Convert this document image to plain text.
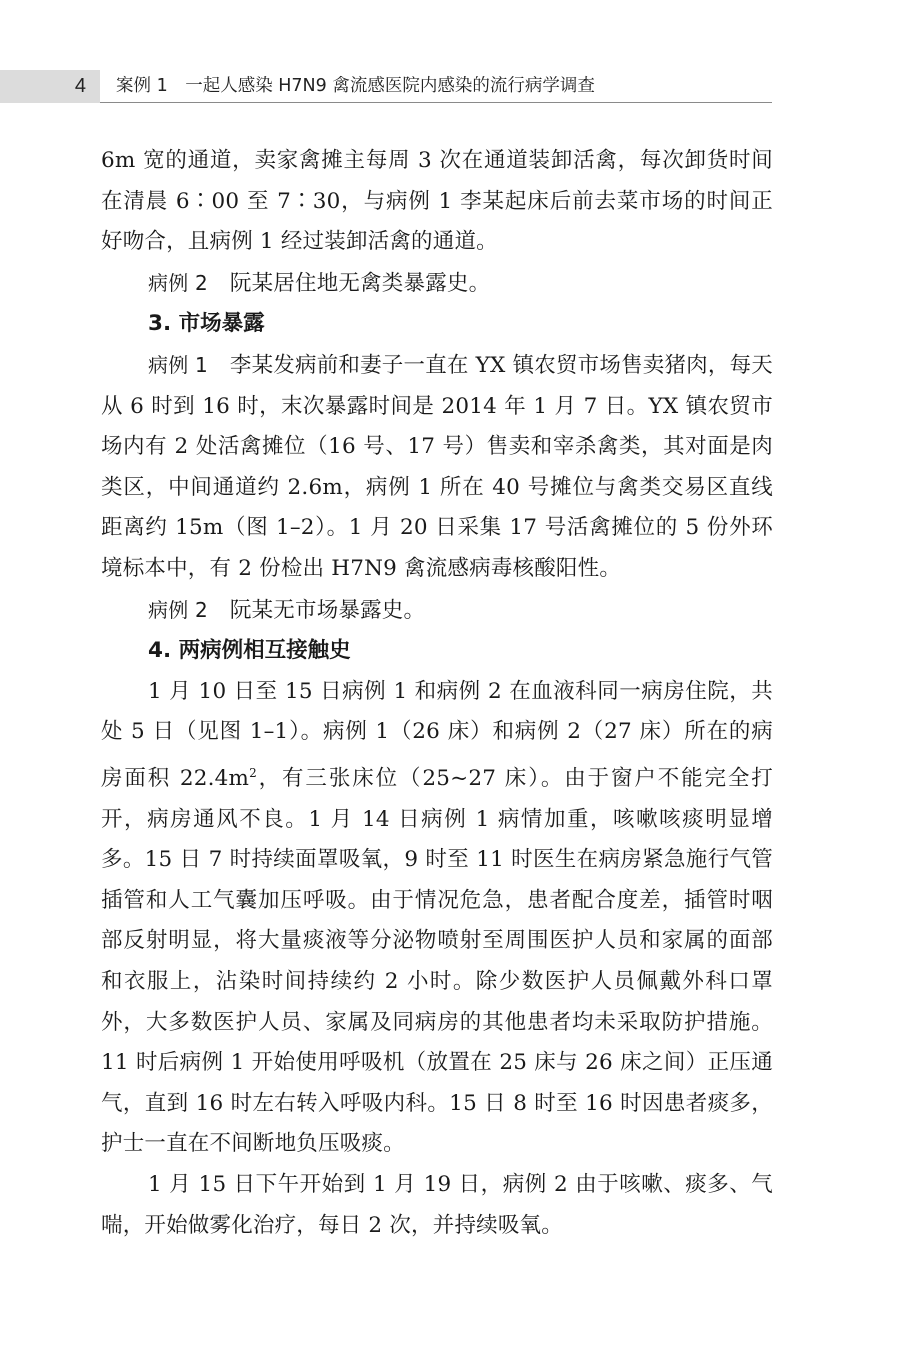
4	案例 1　一起人感染 H7N9 禽流感医院内感染的流行病学调查

6m 宽的通道，卖家禽摊主每周 3 次在通道装卸活禽，每次卸货时间在清晨 6∶00 至 7∶30，与病例 1 李某起床后前去菜市场的时间正好吻合，且病例 1 经过装卸活禽的通道。

病例 2 阮某居住地无禽类暴露史。

3. 市场暴露

病例 1 李某发病前和妻子一直在 YX 镇农贸市场售卖猪肉，每天从 6 时到 16 时，末次暴露时间是 2014 年 1 月 7 日。YX 镇农贸市场内有 2 处活禽摊位（16 号、17 号）售卖和宰杀禽类，其对面是肉类区，中间通道约 2.6m，病例 1 所在 40 号摊位与禽类交易区直线距离约 15m（图 1–2）。1 月 20 日采集 17 号活禽摊位的 5 份外环境标本中，有 2 份检出 H7N9 禽流感病毒核酸阳性。

病例 2 阮某无市场暴露史。

4. 两病例相互接触史

1 月 10 日至 15 日病例 1 和病例 2 在血液科同一病房住院，共处 5 日（见图 1–1）。病例 1（26 床）和病例 2（27 床）所在的病房面积 $22.4m^2$，有三张床位（25~27 床）。由于窗户不能完全打开，病房通风不良。1 月 14 日病例 1 病情加重，咳嗽咳痰明显增多。15 日 7 时持续面罩吸氧，9 时至 11 时医生在病房紧急施行气管插管和人工气囊加压呼吸。由于情况危急，患者配合度差，插管时咽部反射明显，将大量痰液等分泌物喷射至周围医护人员和家属的面部和衣服上，沾染时间持续约 2 小时。除少数医护人员佩戴外科口罩外，大多数医护人员、家属及同病房的其他患者均未采取防护措施。11 时后病例 1 开始使用呼吸机（放置在 25 床与 26 床之间）正压通气，直到 16 时左右转入呼吸内科。15 日 8 时至 16 时因患者痰多，护士一直在不间断地负压吸痰。

1 月 15 日下午开始到 1 月 19 日，病例 2 由于咳嗽、痰多、气喘，开始做雾化治疗，每日 2 次，并持续吸氧。
